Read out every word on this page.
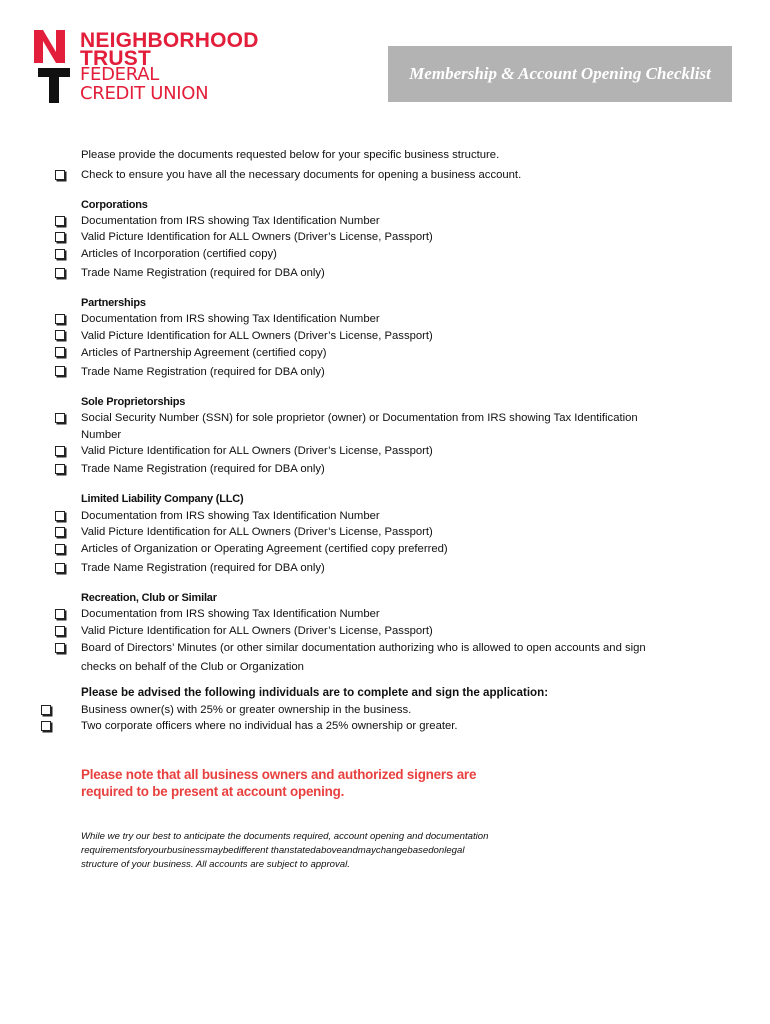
NEIGHBORHOOD
TRUST
FEDERAL
CREDIT UNION
Membership & Account Opening Checklist
Please provide the documents requested below for your specific business structure.
Check to ensure you have all the necessary documents for opening a business account.
Corporations
Documentation from IRS showing Tax Identification Number
Valid Picture Identification for ALL Owners (Driver’s License, Passport)
Articles of Incorporation (certified copy)
Trade Name Registration (required for DBA only)
Partnerships
Documentation from IRS showing Tax Identification Number
Valid Picture Identification for ALL Owners (Driver’s License, Passport)
Articles of Partnership Agreement (certified copy)
Trade Name Registration (required for DBA only)
Sole Proprietorships
Social Security Number (SSN) for sole proprietor (owner) or Documentation from IRS showing Tax Identification
Number
Valid Picture Identification for ALL Owners (Driver’s License, Passport)
Trade Name Registration (required for DBA only)
Limited Liability Company (LLC)
Documentation from IRS showing Tax Identification Number
Valid Picture Identification for ALL Owners (Driver’s License, Passport)
Articles of Organization or Operating Agreement (certified copy preferred)
Trade Name Registration (required for DBA only)
Recreation, Club or Similar
Documentation from IRS showing Tax Identification Number
Valid Picture Identification for ALL Owners (Driver’s License, Passport)
Board of Directors’ Minutes (or other similar documentation authorizing who is allowed to open accounts and sign
checks on behalf of the Club or Organization
Please be advised the following individuals are to complete and sign the application:
Business owner(s) with 25% or greater ownership in the business.
Two corporate officers where no individual has a 25% ownership or greater.
Please note that all business owners and authorized signers are
required to be present at account opening.
While we try our best to anticipate the documents required, account opening and documentation
requirementsforyourbusinessmaybedifferent thanstatedaboveandmaychangebasedonlegal
structure of your business. All accounts are subject to approval.
